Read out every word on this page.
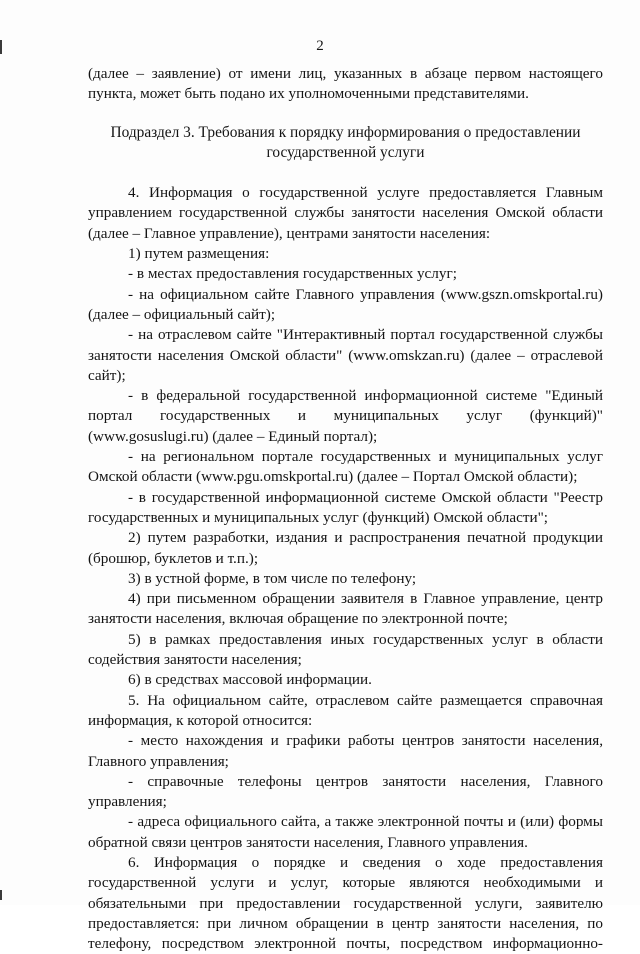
2

(далее – заявление) от имени лиц, указанных в абзаце первом настоящего пункта, может быть подано их уполномоченными представителями.

Подраздел 3. Требования к порядку информирования о предоставлении
государственной услуги

4. Информация о государственной услуге предоставляется Главным управлением государственной службы занятости населения Омской области (далее – Главное управление), центрами занятости населения:

1) путем размещения:

- в местах предоставления государственных услуг;

- на официальном сайте Главного управления (www.gszn.omskportal.ru) (далее – официальный сайт);

- на отраслевом сайте "Интерактивный портал государственной службы занятости населения Омской области" (www.omskzan.ru) (далее – отраслевой сайт);

- в федеральной государственной информационной системе "Единый портал государственных и муниципальных услуг (функций)" (www.gosuslugi.ru) (далее – Единый портал);

- на региональном портале государственных и муниципальных услуг Омской области (www.pgu.omskportal.ru) (далее – Портал Омской области);

- в государственной информационной системе Омской области "Реестр государственных и муниципальных услуг (функций) Омской области";

2) путем разработки, издания и распространения печатной продукции (брошюр, буклетов и т.п.);

3) в устной форме, в том числе по телефону;

4) при письменном обращении заявителя в Главное управление, центр занятости населения, включая обращение по электронной почте;

5) в рамках предоставления иных государственных услуг в области содействия занятости населения;

6) в средствах массовой информации.

5. На официальном сайте, отраслевом сайте размещается справочная информация, к которой относится:

- место нахождения и графики работы центров занятости населения, Главного управления;

- справочные телефоны центров занятости населения, Главного управления;

- адреса официального сайта, а также электронной почты и (или) формы обратной связи центров занятости населения, Главного управления.

6. Информация о порядке и сведения о ходе предоставления государственной услуги и услуг, которые являются необходимыми и обязательными при предоставлении государственной услуги, заявителю предоставляется: при личном обращении в центр занятости населения, по телефону, посредством электронной почты, посредством информационно-
